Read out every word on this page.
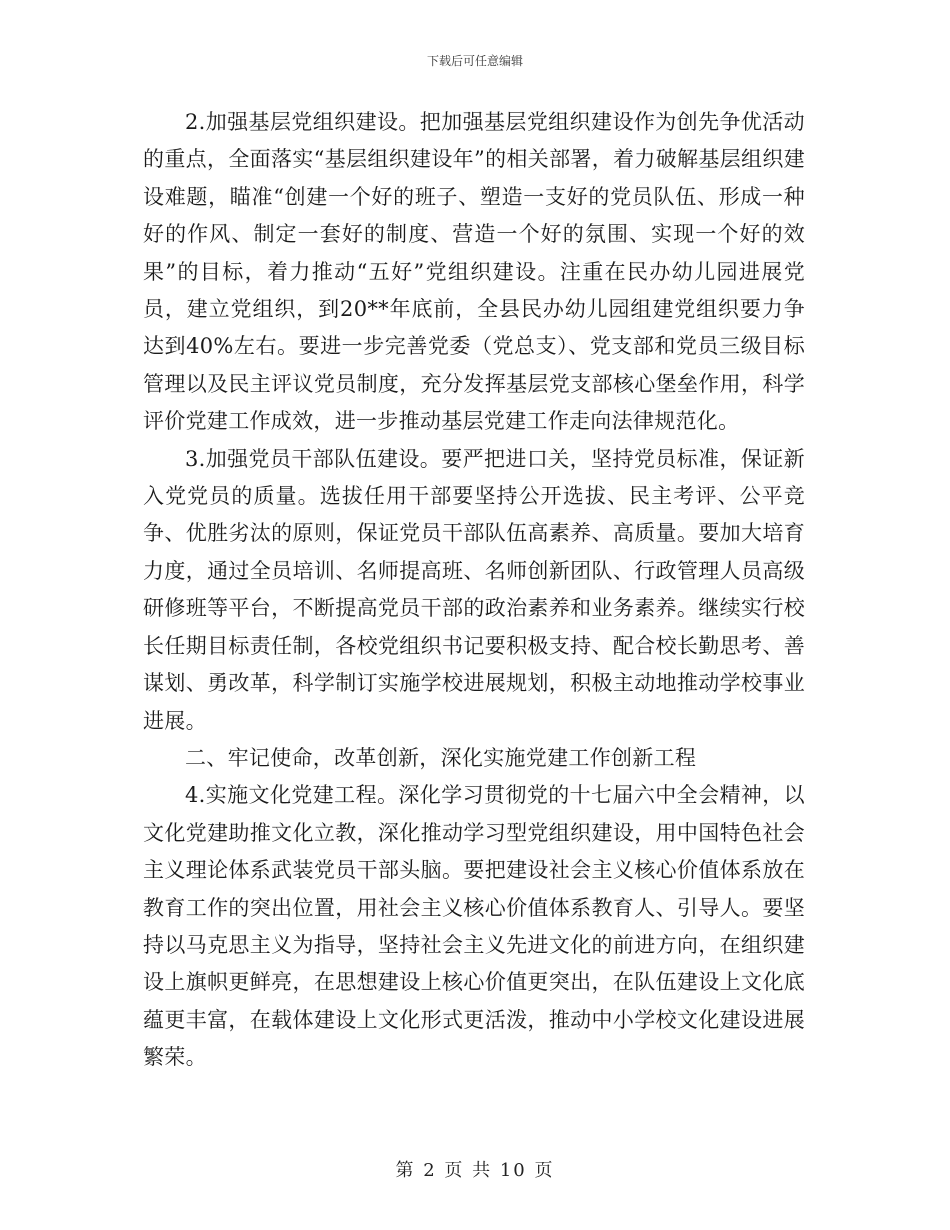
下载后可任意编辑

2.加强基层党组织建设。把加强基层党组织建设作为创先争优活动的重点，全面落实“基层组织建设年”的相关部署，着力破解基层组织建设难题，瞄准“创建一个好的班子、塑造一支好的党员队伍、形成一种好的作风、制定一套好的制度、营造一个好的氛围、实现一个好的效果”的目标，着力推动“五好”党组织建设。注重在民办幼儿园进展党员，建立党组织，到20**年底前，全县民办幼儿园组建党组织要力争达到40%左右。要进一步完善党委（党总支）、党支部和党员三级目标管理以及民主评议党员制度，充分发挥基层党支部核心堡垒作用，科学评价党建工作成效，进一步推动基层党建工作走向法律规范化。

3.加强党员干部队伍建设。要严把进口关，坚持党员标准，保证新入党党员的质量。选拔任用干部要坚持公开选拔、民主考评、公平竞争、优胜劣汰的原则，保证党员干部队伍高素养、高质量。要加大培育力度，通过全员培训、名师提高班、名师创新团队、行政管理人员高级研修班等平台，不断提高党员干部的政治素养和业务素养。继续实行校长任期目标责任制，各校党组织书记要积极支持、配合校长勤思考、善谋划、勇改革，科学制订实施学校进展规划，积极主动地推动学校事业进展。

二、牢记使命，改革创新，深化实施党建工作创新工程

4.实施文化党建工程。深化学习贯彻党的十七届六中全会精神，以文化党建助推文化立教，深化推动学习型党组织建设，用中国特色社会主义理论体系武装党员干部头脑。要把建设社会主义核心价值体系放在教育工作的突出位置，用社会主义核心价值体系教育人、引导人。要坚持以马克思主义为指导，坚持社会主义先进文化的前进方向，在组织建设上旗帜更鲜亮，在思想建设上核心价值更突出，在队伍建设上文化底蕴更丰富，在载体建设上文化形式更活泼，推动中小学校文化建设进展繁荣。

第 2 页 共 10 页
